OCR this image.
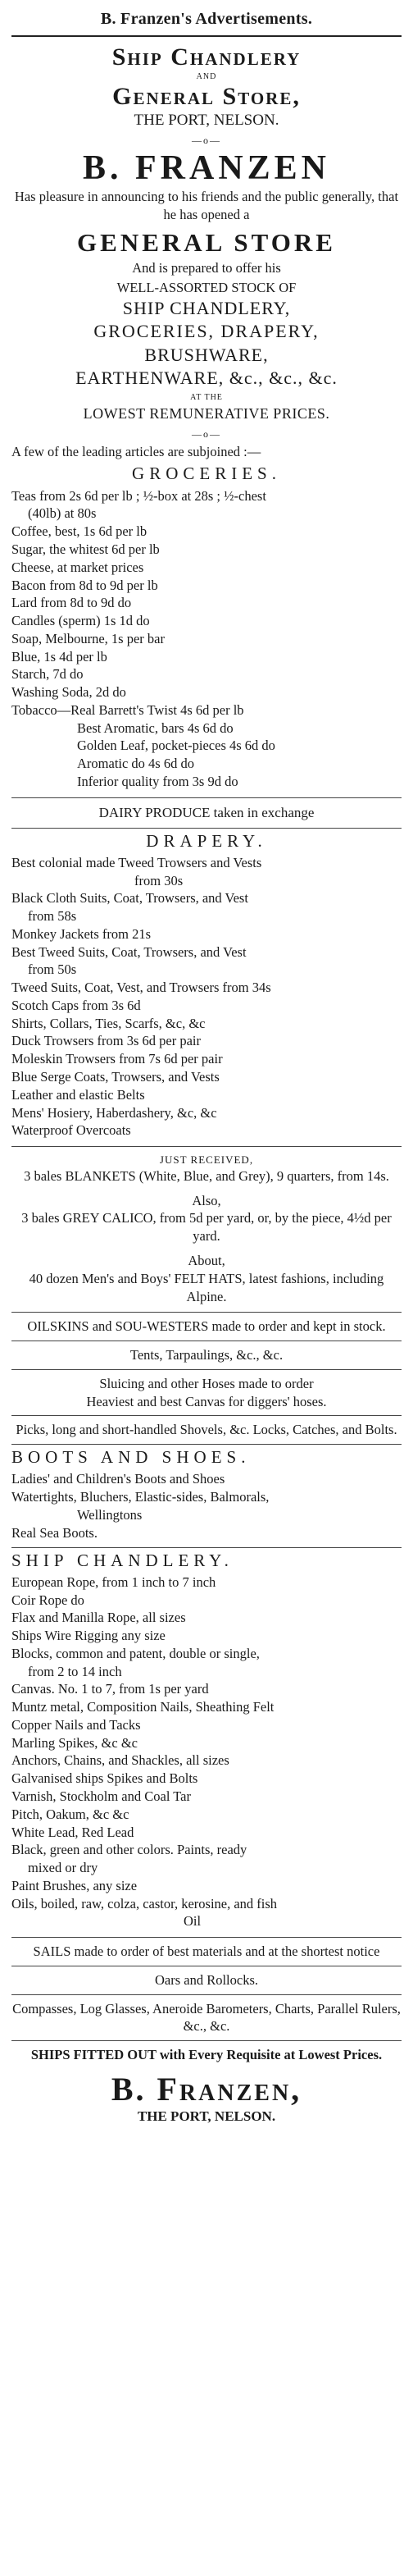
B. Franzen's Advertisements.
Ship Chandlery
AND
General Store,
THE PORT, NELSON.
—o—
B. FRANZEN
Has pleasure in announcing to his friends and the public generally, that he has opened a
GENERAL STORE
And is prepared to offer his
WELL-ASSORTED STOCK OF
SHIP CHANDLERY,
GROCERIES, DRAPERY,
BRUSHWARE,
EARTHENWARE, &c., &c., &c.
AT THE
LOWEST REMUNERATIVE PRICES.
—o—
A few of the leading articles are subjoined :—
GROCERIES.
Teas from 2s 6d per lb ; ½-box at 28s ; ½-chest
(40lb) at 80s
Coffee, best, 1s 6d per lb
Sugar, the whitest 6d per lb
Cheese, at market prices
Bacon from 8d to 9d per lb
Lard from 8d to 9d do
Candles (sperm) 1s 1d do
Soap, Melbourne, 1s per bar
Blue, 1s 4d per lb
Starch, 7d do
Washing Soda, 2d do
Tobacco—Real Barrett's Twist 4s 6d per lb
Best Aromatic, bars 4s 6d do
Golden Leaf, pocket-pieces 4s 6d do
Aromatic do 4s 6d do
Inferior quality from 3s 9d do
DAIRY PRODUCE taken in exchange
DRAPERY.
Best colonial made Tweed Trowsers and Vests
from 30s
Black Cloth Suits, Coat, Trowsers, and Vest
from 58s
Monkey Jackets from 21s
Best Tweed Suits, Coat, Trowsers, and Vest
from 50s
Tweed Suits, Coat, Vest, and Trowsers from 34s
Scotch Caps from 3s 6d
Shirts, Collars, Ties, Scarfs, &c, &c
Duck Trowsers from 3s 6d per pair
Moleskin Trowsers from 7s 6d per pair
Blue Serge Coats, Trowsers, and Vests
Leather and elastic Belts
Mens' Hosiery, Haberdashery, &c, &c
Waterproof Overcoats
JUST RECEIVED,
3 bales BLANKETS (White, Blue, and Grey), 9 quarters, from 14s.
Also,
3 bales GREY CALICO, from 5d per yard, or, by the piece, 4½d per yard.
About,
40 dozen Men's and Boys' FELT HATS, latest fashions, including Alpine.
OILSKINS and SOU-WESTERS made to order and kept in stock.
Tents, Tarpaulings, &c., &c.
Sluicing and other Hoses made to order
Heaviest and best Canvas for diggers' hoses.
Picks, long and short-handled Shovels, &c. Locks, Catches, and Bolts.
BOOTS AND SHOES.
Ladies' and Children's Boots and Shoes
Watertights, Bluchers, Elastic-sides, Balmorals,
Wellingtons
Real Sea Boots.
SHIP CHANDLERY.
European Rope, from 1 inch to 7 inch
Coir Rope do
Flax and Manilla Rope, all sizes
Ships Wire Rigging any size
Blocks, common and patent, double or single,
from 2 to 14 inch
Canvas. No. 1 to 7, from 1s per yard
Muntz metal, Composition Nails, Sheathing Felt
Copper Nails and Tacks
Marling Spikes, &c &c
Anchors, Chains, and Shackles, all sizes
Galvanised ships Spikes and Bolts
Varnish, Stockholm and Coal Tar
Pitch, Oakum, &c &c
White Lead, Red Lead
Black, green and other colors. Paints, ready
mixed or dry
Paint Brushes, any size
Oils, boiled, raw, colza, castor, kerosine, and fish
Oil
SAILS made to order of best materials and at the shortest notice
Oars and Rollocks.
Compasses, Log Glasses, Aneroide Barometers, Charts, Parallel Rulers, &c., &c.
SHIPS FITTED OUT with Every Requisite at Lowest Prices.
B. Franzen,
THE PORT, NELSON.
